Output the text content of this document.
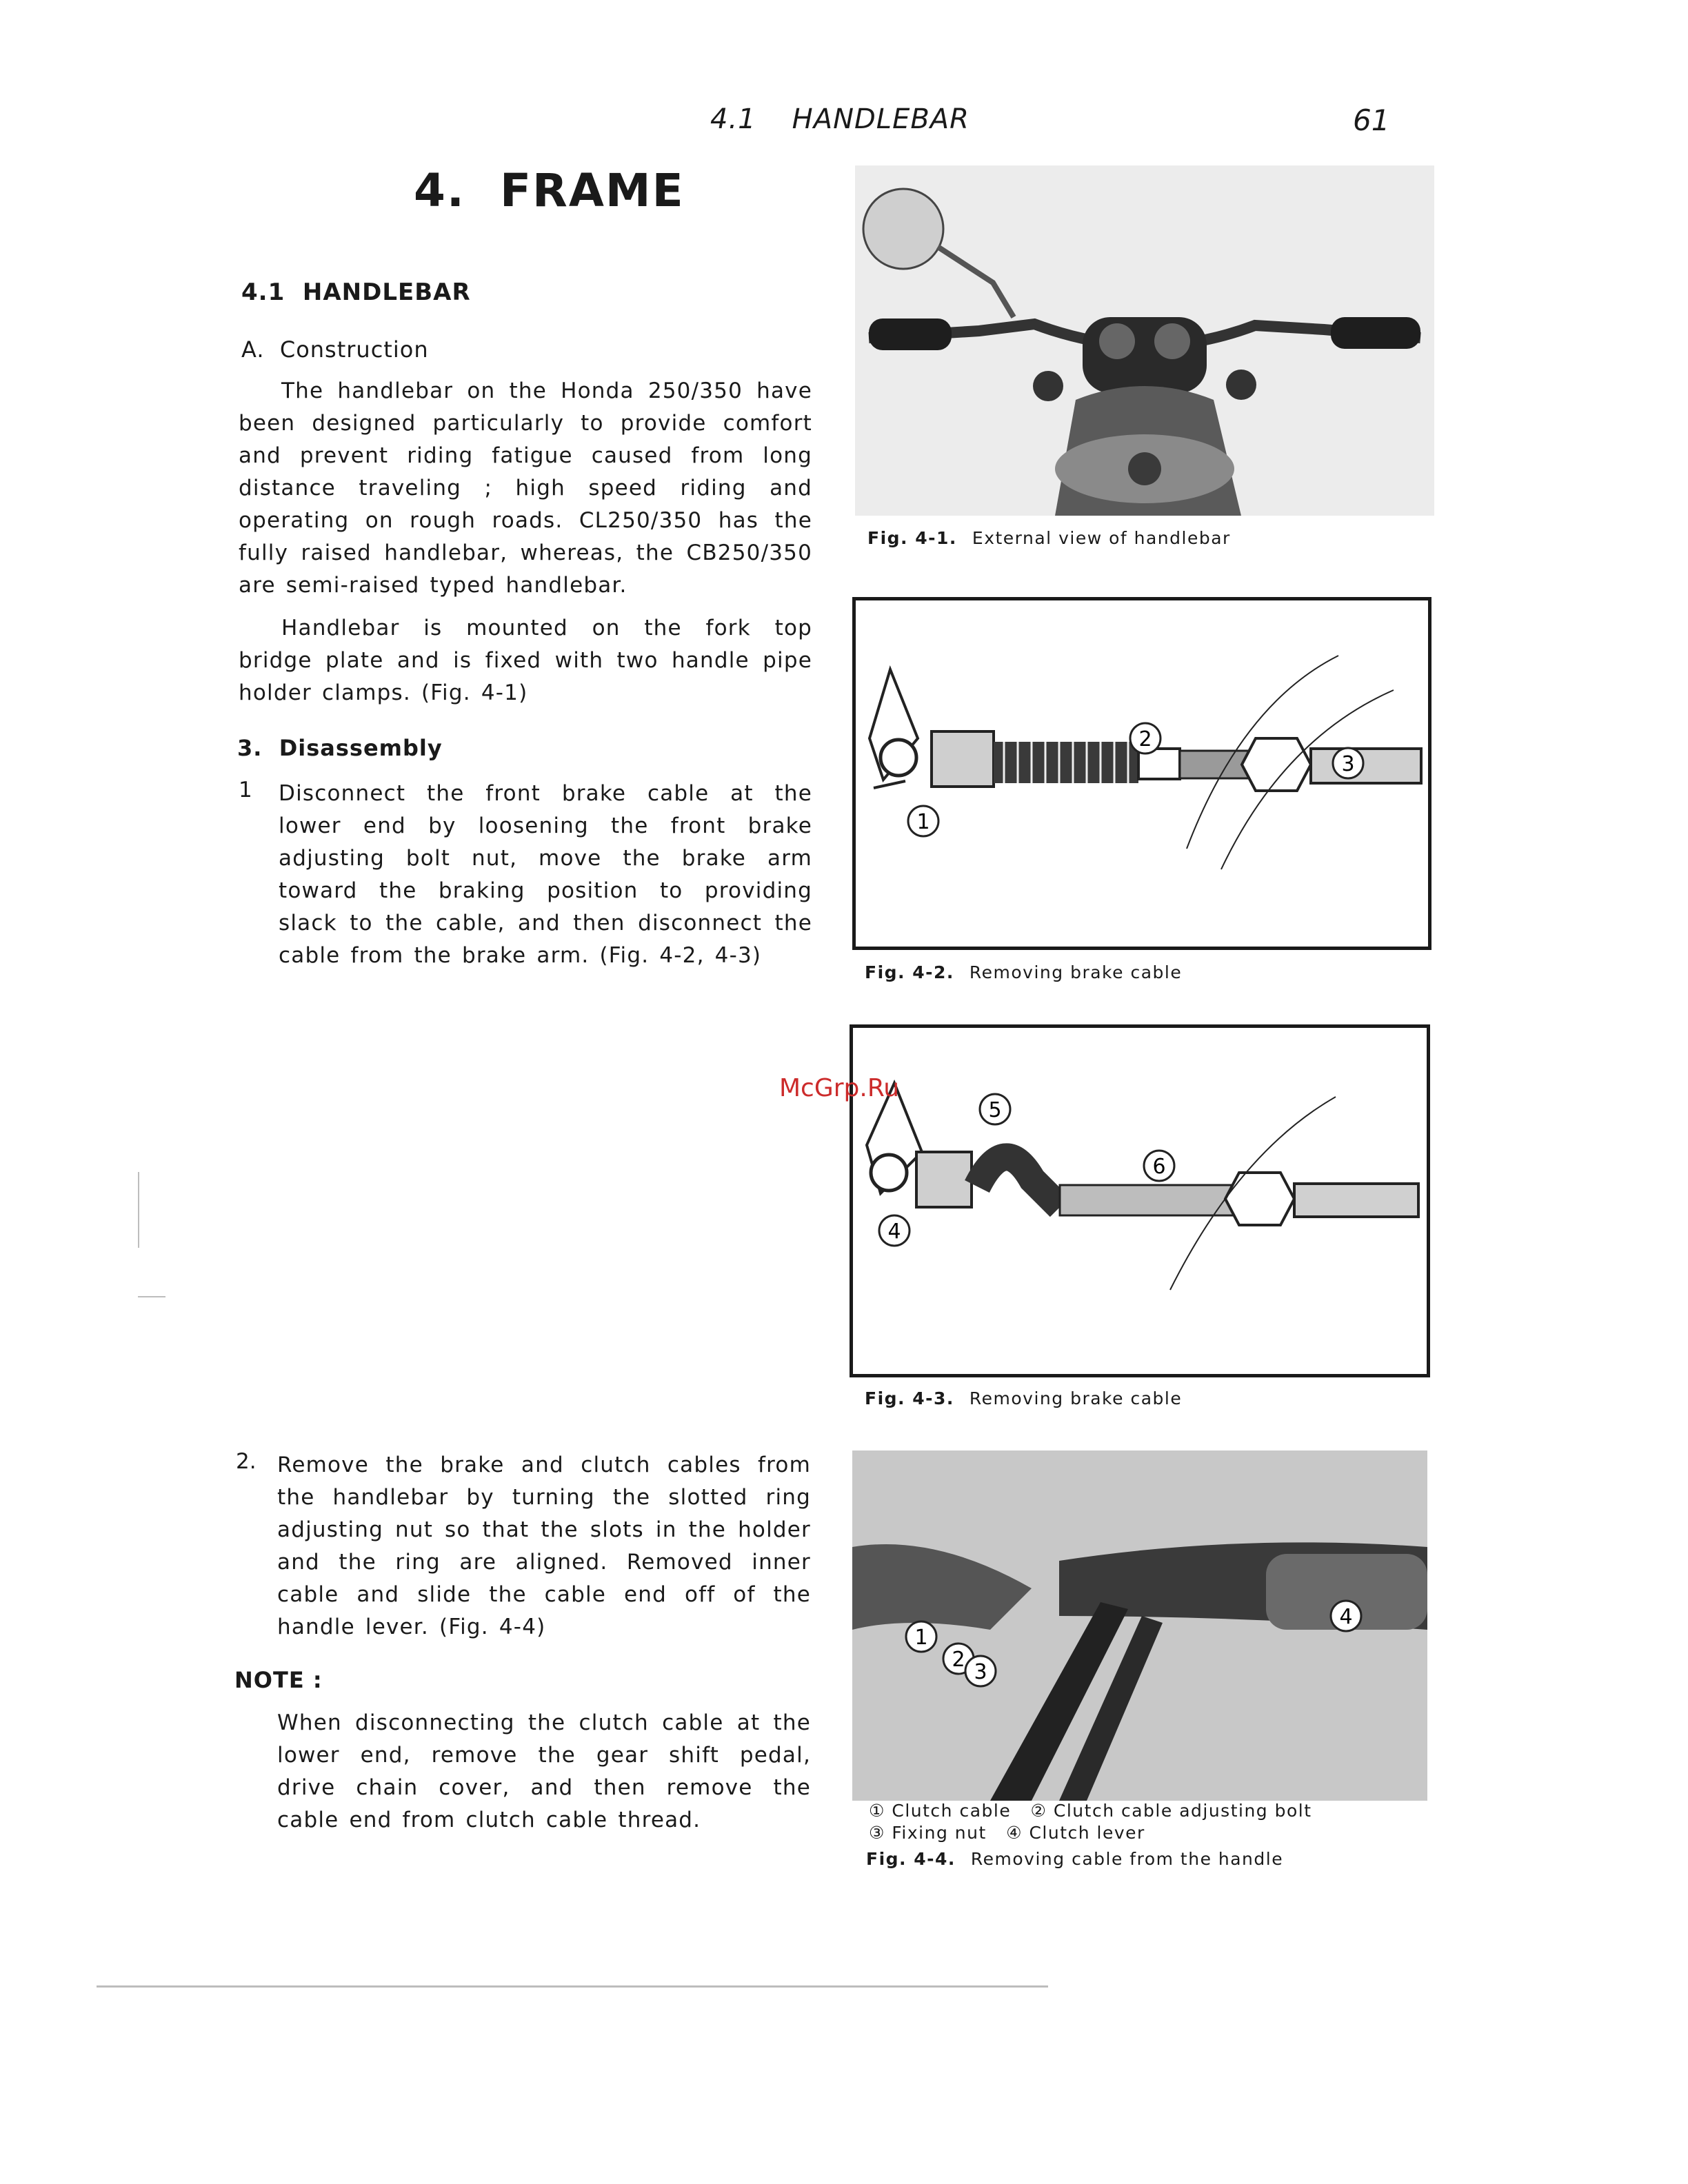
4.1 HANDLEBAR	61
4.  FRAME
4.1  HANDLEBAR
A.  Construction
The handlebar on the Honda 250/350 have been designed particularly to provide comfort and prevent riding fatigue caused from long distance traveling ; high speed riding and operating on rough roads. CL250/350 has the fully raised handlebar, whereas, the CB250/350 are semi-raised typed handlebar.
Handlebar is mounted on the fork top bridge plate and is fixed with two handle pipe holder clamps. (Fig. 4-1)
3.  Disassembly
1 Disconnect the front brake cable at the lower end by loosening the front brake adjusting bolt nut, move the brake arm toward the braking position to providing slack to the cable, and then disconnect the cable from the brake arm. (Fig. 4-2, 4-3)
2. Remove the brake and clutch cables from the handlebar by turning the slotted ring adjusting nut so that the slots in the holder and the ring are aligned. Removed inner cable and slide the cable end off of the handle lever. (Fig. 4-4)
NOTE :
When disconnecting the clutch cable at the lower end, remove the gear shift pedal, drive chain cover, and then remove the cable end from clutch cable thread.
Fig. 4-1. External view of handlebar
1
2
3
Fig. 4-2. Removing brake cable
4
5
6
Fig. 4-3. Removing brake cable
1
2
3
4
① Clutch cable   ② Clutch cable adjusting bolt
③ Fixing nut   ④ Clutch lever
Fig. 4-4. Removing cable from the handle
McGrp.Ru
